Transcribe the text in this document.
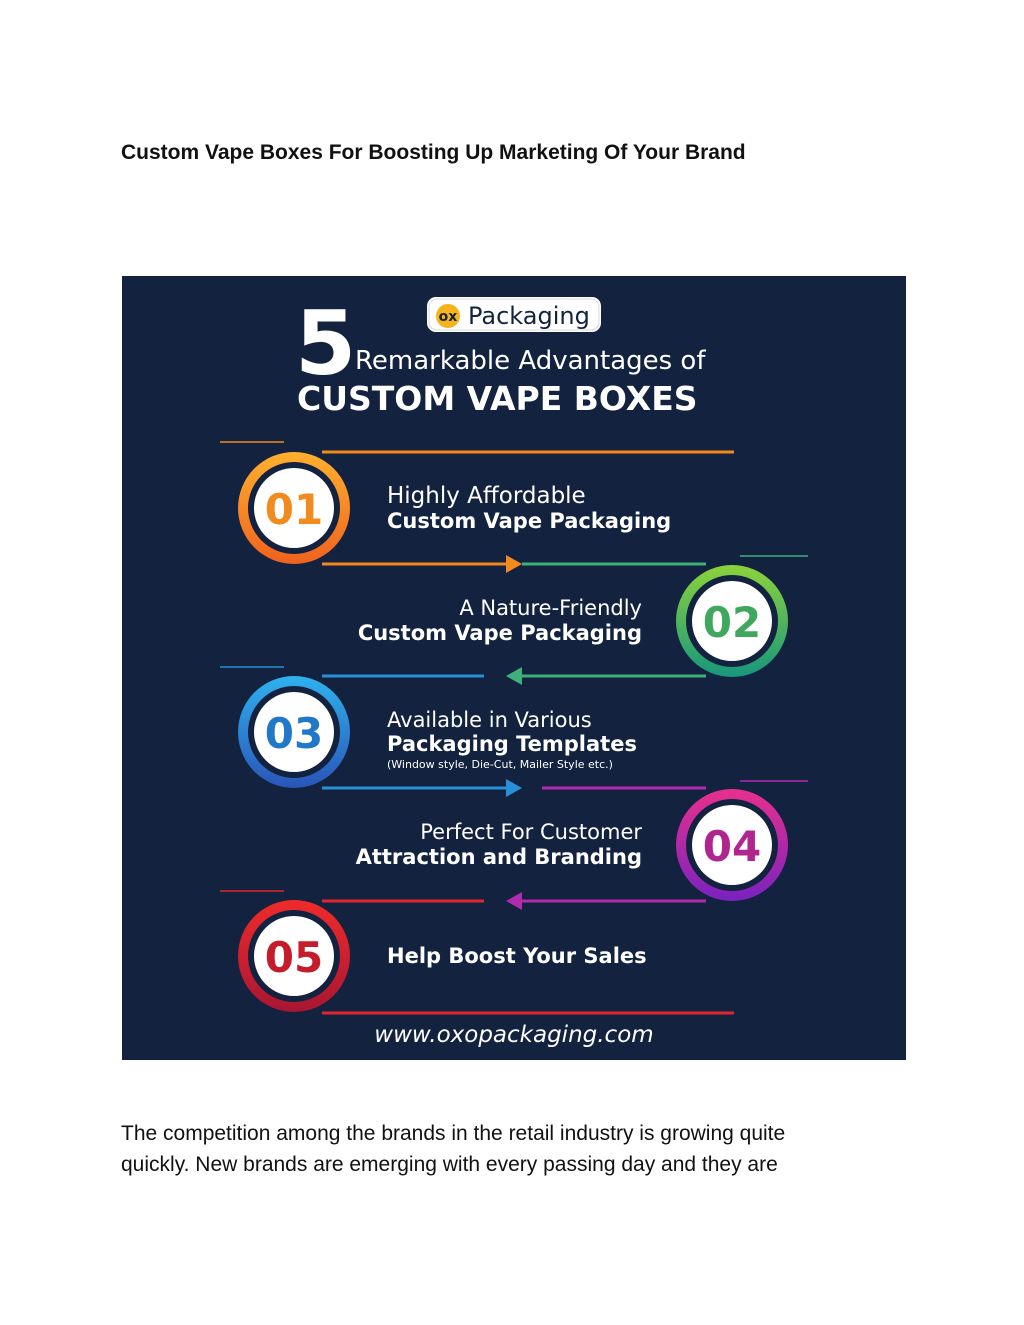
Custom Vape Boxes For Boosting Up Marketing Of Your Brand
ox Packaging
5
Remarkable Advantages of
CUSTOM VAPE BOXES
01	Highly Affordable
Custom Vape Packaging
02
A Nature-Friendly
Custom Vape Packaging
03	Available in Various
Packaging Templates
(Window style, Die-Cut, Mailer Style etc.)
04
Perfect For Customer
Attraction and Branding
05	Help Boost Your Sales
www.oxopackaging.com

The competition among the brands in the retail industry is growing quite
quickly. New brands are emerging with every passing day and they are
